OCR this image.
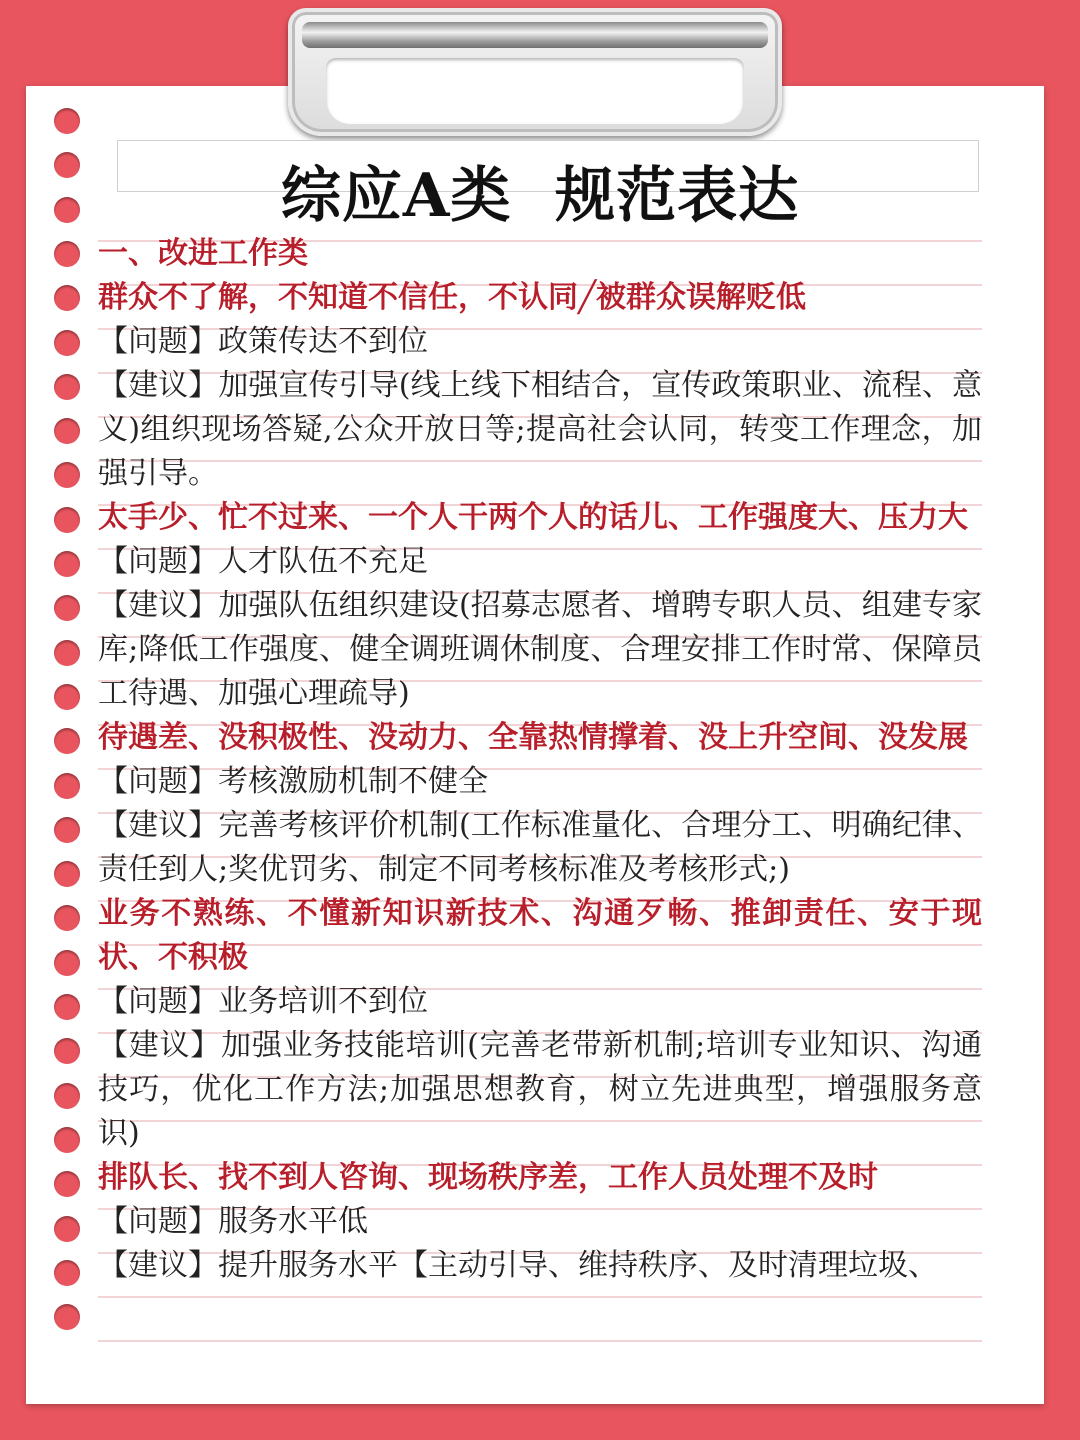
综应A类  规范表达

一、改进工作类

群众不了解，不知道不信任，不认同╱被群众误解贬低

【问题】政策传达不到位

【建议】加强宣传引导(线上线下相结合，宣传政策职业、流程、意义)组织现场答疑,公众开放日等;提高社会认同，转变工作理念，加强引导。

太手少、忙不过来、一个人干两个人的话儿、工作强度大、压力大

【问题】人才队伍不充足

【建议】加强队伍组织建设(招募志愿者、增聘专职人员、组建专家库;降低工作强度、健全调班调休制度、合理安排工作时常、保障员工待遇、加强心理疏导)

待遇差、没积极性、没动力、全靠热情撑着、没上升空间、没发展

【问题】考核激励机制不健全

【建议】完善考核评价机制(工作标准量化、合理分工、明确纪律、责任到人;奖优罚劣、制定不同考核标准及考核形式;)

业务不熟练、不懂新知识新技术、沟通歹畅、推卸责任、安于现状、不积极

【问题】业务培训不到位

【建议】加强业务技能培训(完善老带新机制;培训专业知识、沟通技巧，优化工作方法;加强思想教育，树立先进典型，增强服务意识)

排队长、找不到人咨询、现场秩序差，工作人员处理不及时

【问题】服务水平低

【建议】提升服务水平【主动引导、维持秩序、及时清理垃圾、
